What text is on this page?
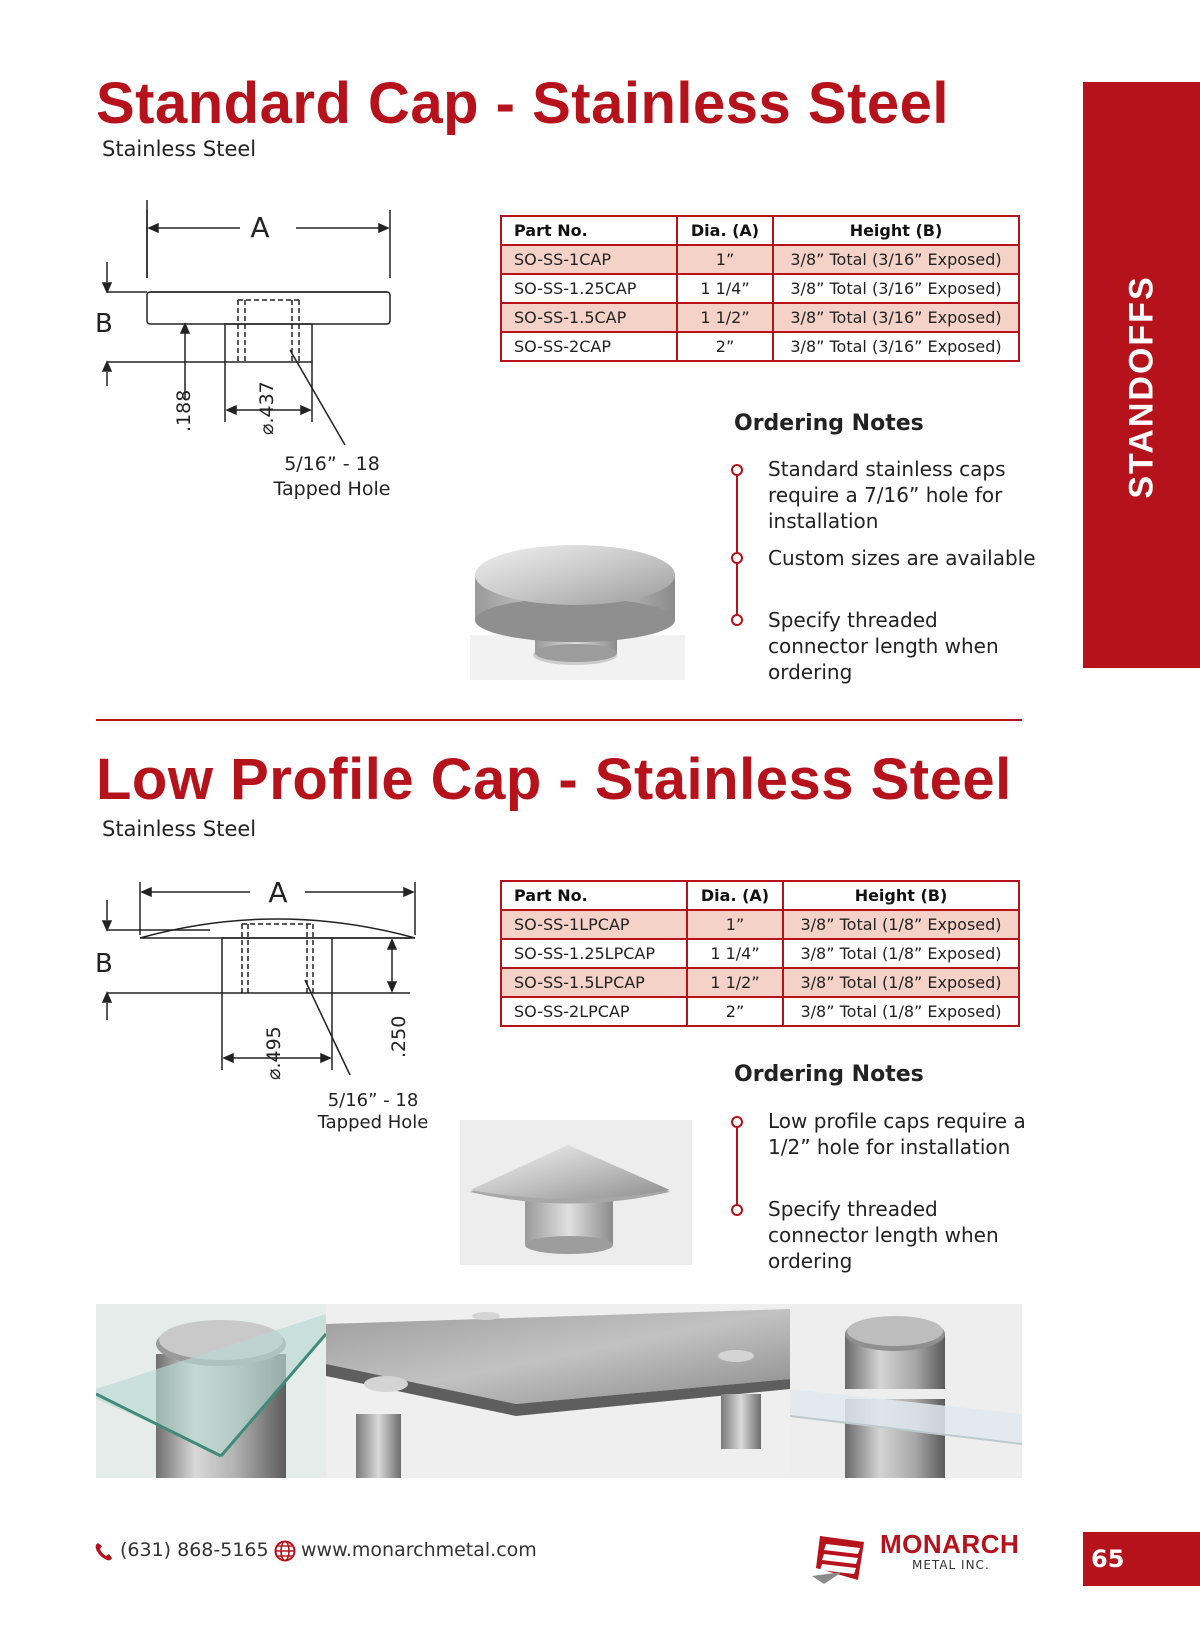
STANDOFFS
Standard Cap - Stainless Steel
Stainless Steel
A
B
.188	⌀.437
5/16” - 18
Tapped Hole
Part No.	Dia. (A)	Height (B)
SO-SS-1CAP	1”	3/8” Total (3/16” Exposed)
SO-SS-1.25CAP	1 1/4”	3/8” Total (3/16” Exposed)
SO-SS-1.5CAP	1 1/2”	3/8” Total (3/16” Exposed)
SO-SS-2CAP	2”	3/8” Total (3/16” Exposed)
Ordering Notes
Standard stainless caps require a 7/16” hole for installation
Custom sizes are available
Specify threaded connector length when ordering
Low Profile Cap - Stainless Steel
Stainless Steel
A
B
.250
⌀.495
5/16” - 18
Tapped Hole
Part No.	Dia. (A)	Height (B)
SO-SS-1LPCAP	1”	3/8” Total (1/8” Exposed)
SO-SS-1.25LPCAP	1 1/4”	3/8” Total (1/8” Exposed)
SO-SS-1.5LPCAP	1 1/2”	3/8” Total (1/8” Exposed)
SO-SS-2LPCAP	2”	3/8” Total (1/8” Exposed)
Ordering Notes
Low profile caps require a 1/2” hole for installation
Specify threaded connector length when ordering
(631) 868-5165 www.monarchmetal.com	MONARCH
METAL INC.	65
